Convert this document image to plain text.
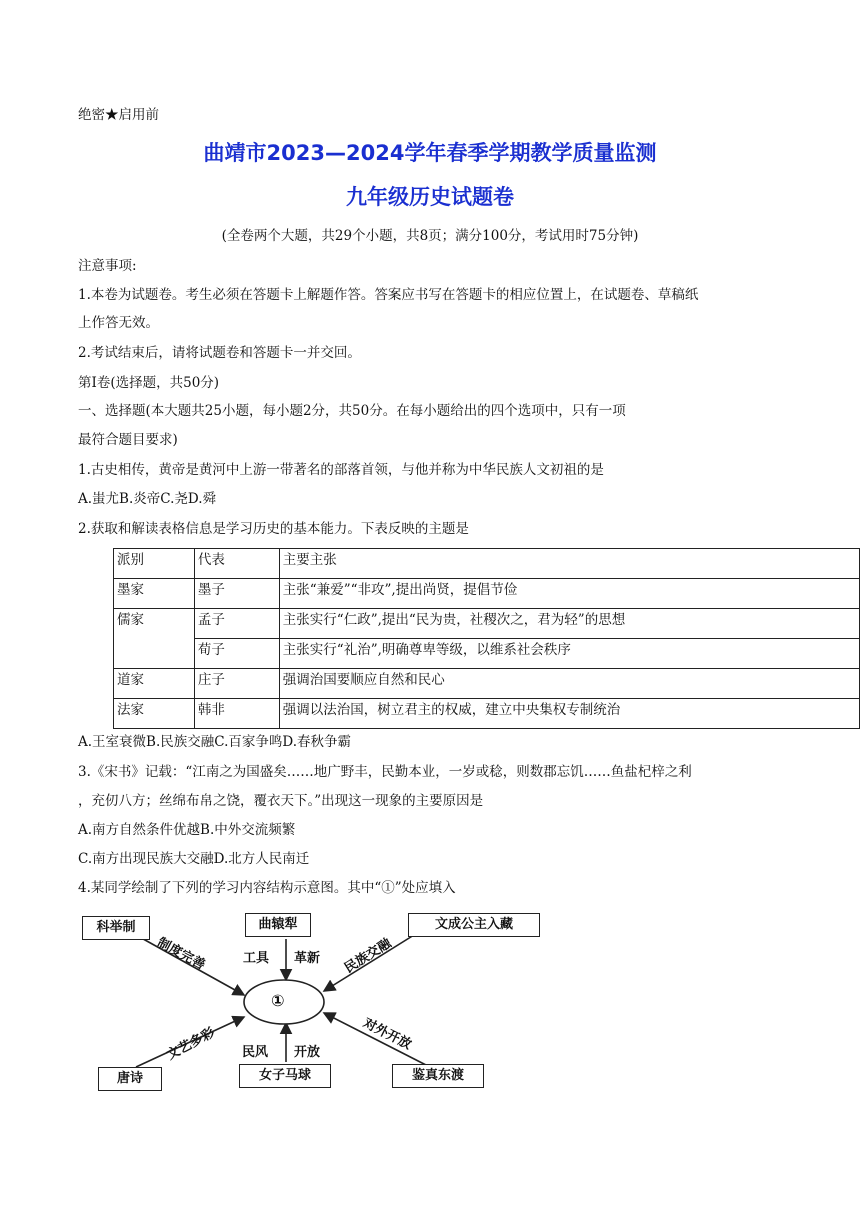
绝密★启用前
曲靖市2023—2024学年春季学期教学质量监测
九年级历史试题卷
(全卷两个大题，共29个小题，共8页；满分100分，考试用时75分钟)
注意事项:
1.本卷为试题卷。考生必须在答题卡上解题作答。答案应书写在答题卡的相应位置上，在试题卷、草稿纸
上作答无效。
2.考试结束后，请将试题卷和答题卡一并交回。
第I卷(选择题，共50分)
一、选择题(本大题共25小题，每小题2分，共50分。在每小题给出的四个选项中，只有一项
最符合题目要求)
1.古史相传，黄帝是黄河中上游一带著名的部落首领，与他并称为中华民族人文初祖的是
A.蚩尤B.炎帝C.尧D.舜
2.获取和解读表格信息是学习历史的基本能力。下表反映的主题是
派别	代表	主要主张
墨家	墨子	主张“兼爱”“非攻”,提出尚贤，提倡节俭
儒家	孟子	主张实行“仁政”,提出“民为贵，社稷次之，君为轻”的思想
	荀子	主张实行“礼治”,明确尊卑等级，以维系社会秩序
道家	庄子	强调治国要顺应自然和民心
法家	韩非	强调以法治国，树立君主的权威，建立中央集权专制统治
A.王室衰微B.民族交融C.百家争鸣D.春秋争霸
3.《宋书》记载：“江南之为国盛矣……地广野丰，民勤本业，一岁或稔，则数郡忘饥……鱼盐杞梓之利
，充仞八方；丝绵布帛之饶，覆衣天下。”出现这一现象的主要原因是
A.南方自然条件优越B.中外交流频繁
C.南方出现民族大交融D.北方人民南迁
4.某同学绘制了下列的学习内容结构示意图。其中“①”处应填入
①
科举制	曲辕犁	文成公主入藏
唐诗	女子马球	鉴真东渡
制度完善	工具 革新 民族交融
文艺多彩 民风 开放	对外开放
